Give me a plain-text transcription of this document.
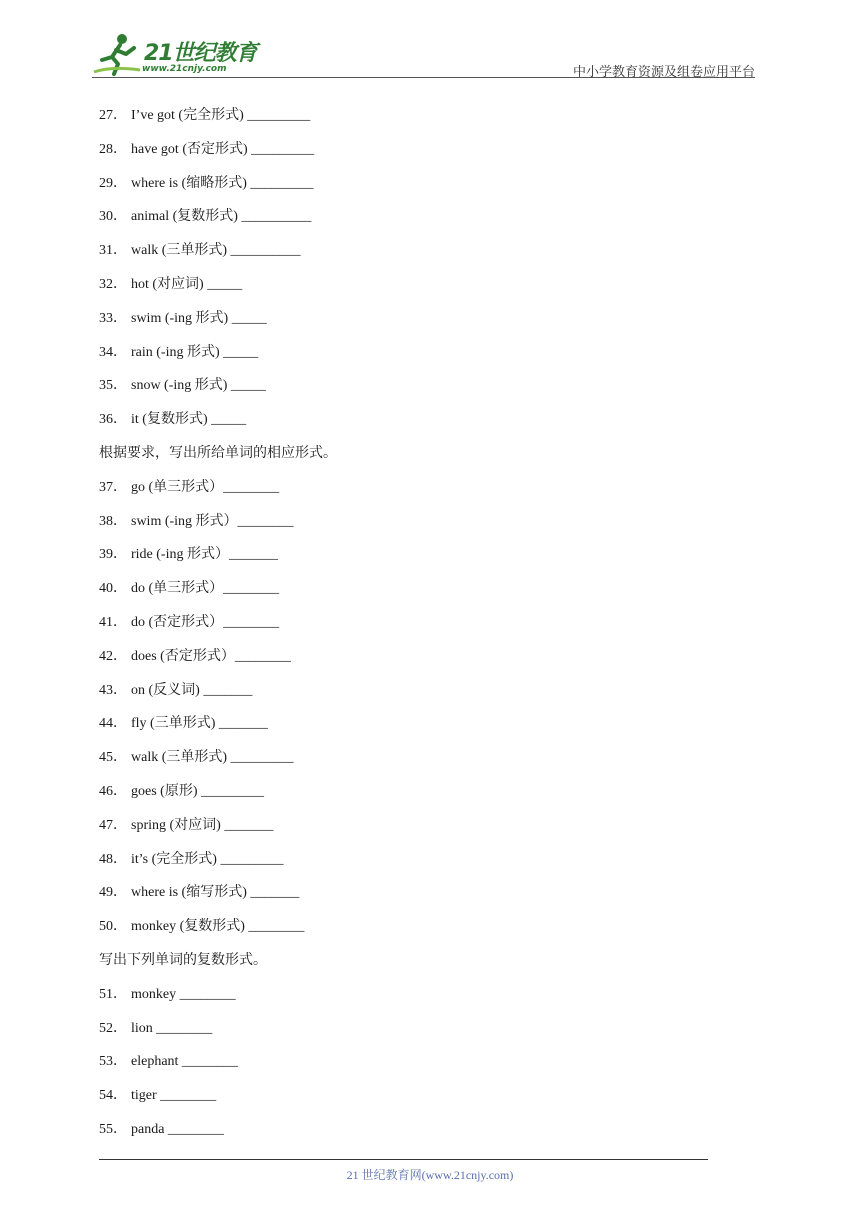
21世纪教育
www.21cnjy.com	中小学教育资源及组卷应用平台
27． I’ve got (完全形式) _________
28． have got (否定形式) _________
29． where is (缩略形式) _________
30． animal (复数形式) __________
31． walk (三单形式) __________
32． hot (对应词) _____
33． swim (-ing 形式) _____
34． rain (-ing 形式) _____
35． snow (-ing 形式) _____
36． it (复数形式) _____
根据要求，写出所给单词的相应形式。
37． go (单三形式）________
38． swim (-ing 形式）________
39． ride (-ing 形式）_______
40． do (单三形式）________
41． do (否定形式）________
42． does (否定形式）________
43． on (反义词) _______
44． fly (三单形式) _______
45． walk (三单形式) _________
46． goes (原形) _________
47． spring (对应词) _______
48． it’s (完全形式) _________
49． where is (缩写形式) _______
50． monkey (复数形式) ________
写出下列单词的复数形式。
51． monkey ________
52． lion ________
53． elephant ________
54． tiger ________
55． panda ________
21 世纪教育网(www.21cnjy.com)
